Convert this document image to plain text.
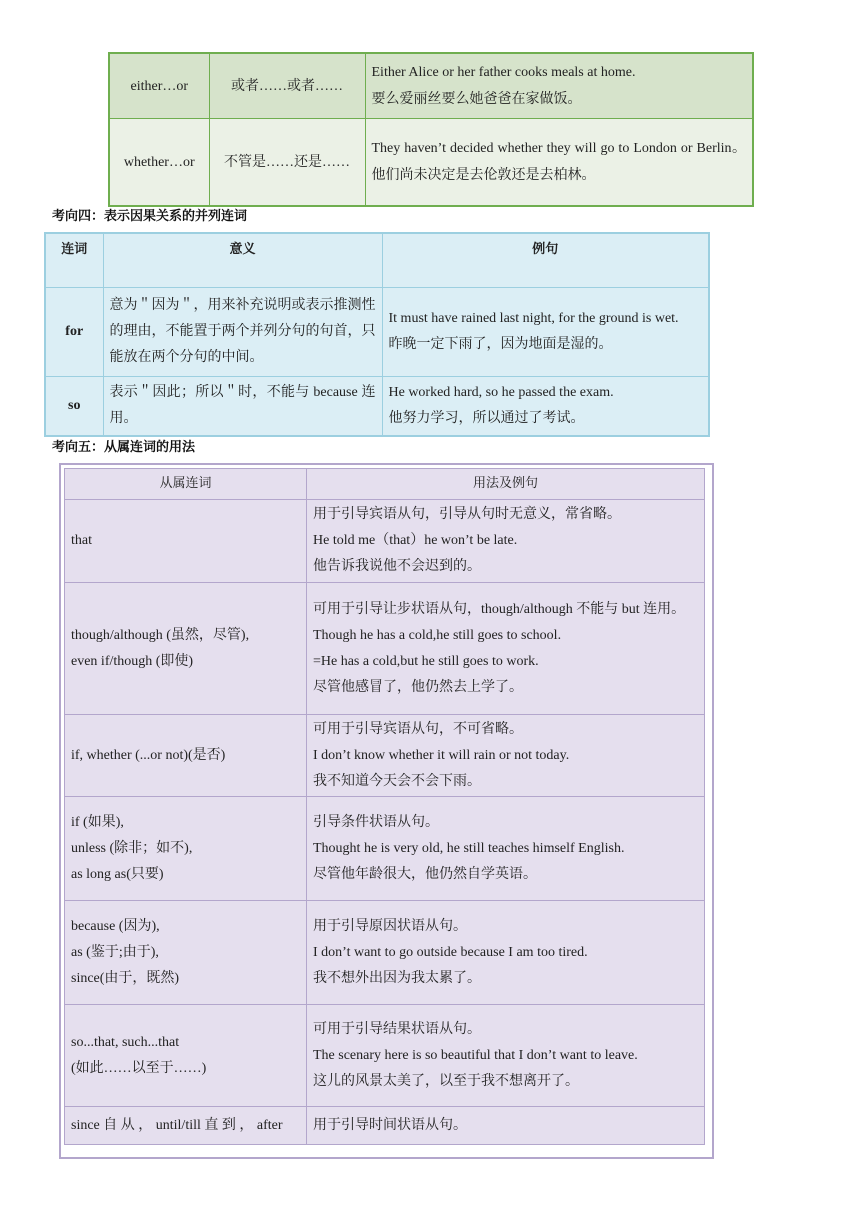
either…or	或者……或者……	Either Alice or her father cooks meals at home.
要么爱丽丝要么她爸爸在家做饭。

whether…or	不管是……还是……	They haven’t decided whether they will go to London or Berlin。他们尚未决定是去伦敦还是去柏林。

考向四：表示因果关系的并列连词

连词	意义	例句
for	意为＂因为＂，用来补充说明或表示推测性的理由，不能置于两个并列分句的句首，只能放在两个分句的中间。	It must have rained last night, for the ground is wet.
昨晚一定下雨了，因为地面是湿的。

so	表示＂因此；所以＂时，不能与 because 连用。	He worked hard, so he passed the exam.
他努力学习，所以通过了考试。

考向五：从属连词的用法

从属连词	用法及例句

that	用于引导宾语从句，引导从句时无意义，常省略。
He told me（that）he won’t be late.
他告诉我说他不会迟到的。

though/although (虽然，尽管),
even if/though (即使)	可用于引导让步状语从句，though/although 不能与 but 连用。
Though he has a cold,he still goes to school.
=He has a cold,but he still goes to work.
尽管他感冒了，他仍然去上学了。

if, whether (...or not)(是否)	可用于引导宾语从句，不可省略。
I don’t know whether it will rain or not today.
我不知道今天会不会下雨。

if (如果),
unless (除非；如不),
as long as(只要)	引导条件状语从句。
Thought he is very old, he still teaches himself English.
尽管他年龄很大，他仍然自学英语。

because (因为),
as (鉴于;由于),
since(由于，既然)	用于引导原因状语从句。
I don’t want to go outside because I am too tired.
我不想外出因为我太累了。

so...that, such...that
(如此……以至于……)	可用于引导结果状语从句。
The scenary here is so beautiful that I don’t want to leave.
这儿的风景太美了，以至于我不想离开了。

since 自 从 ， until/till 直 到 ， after	用于引导时间状语从句。
